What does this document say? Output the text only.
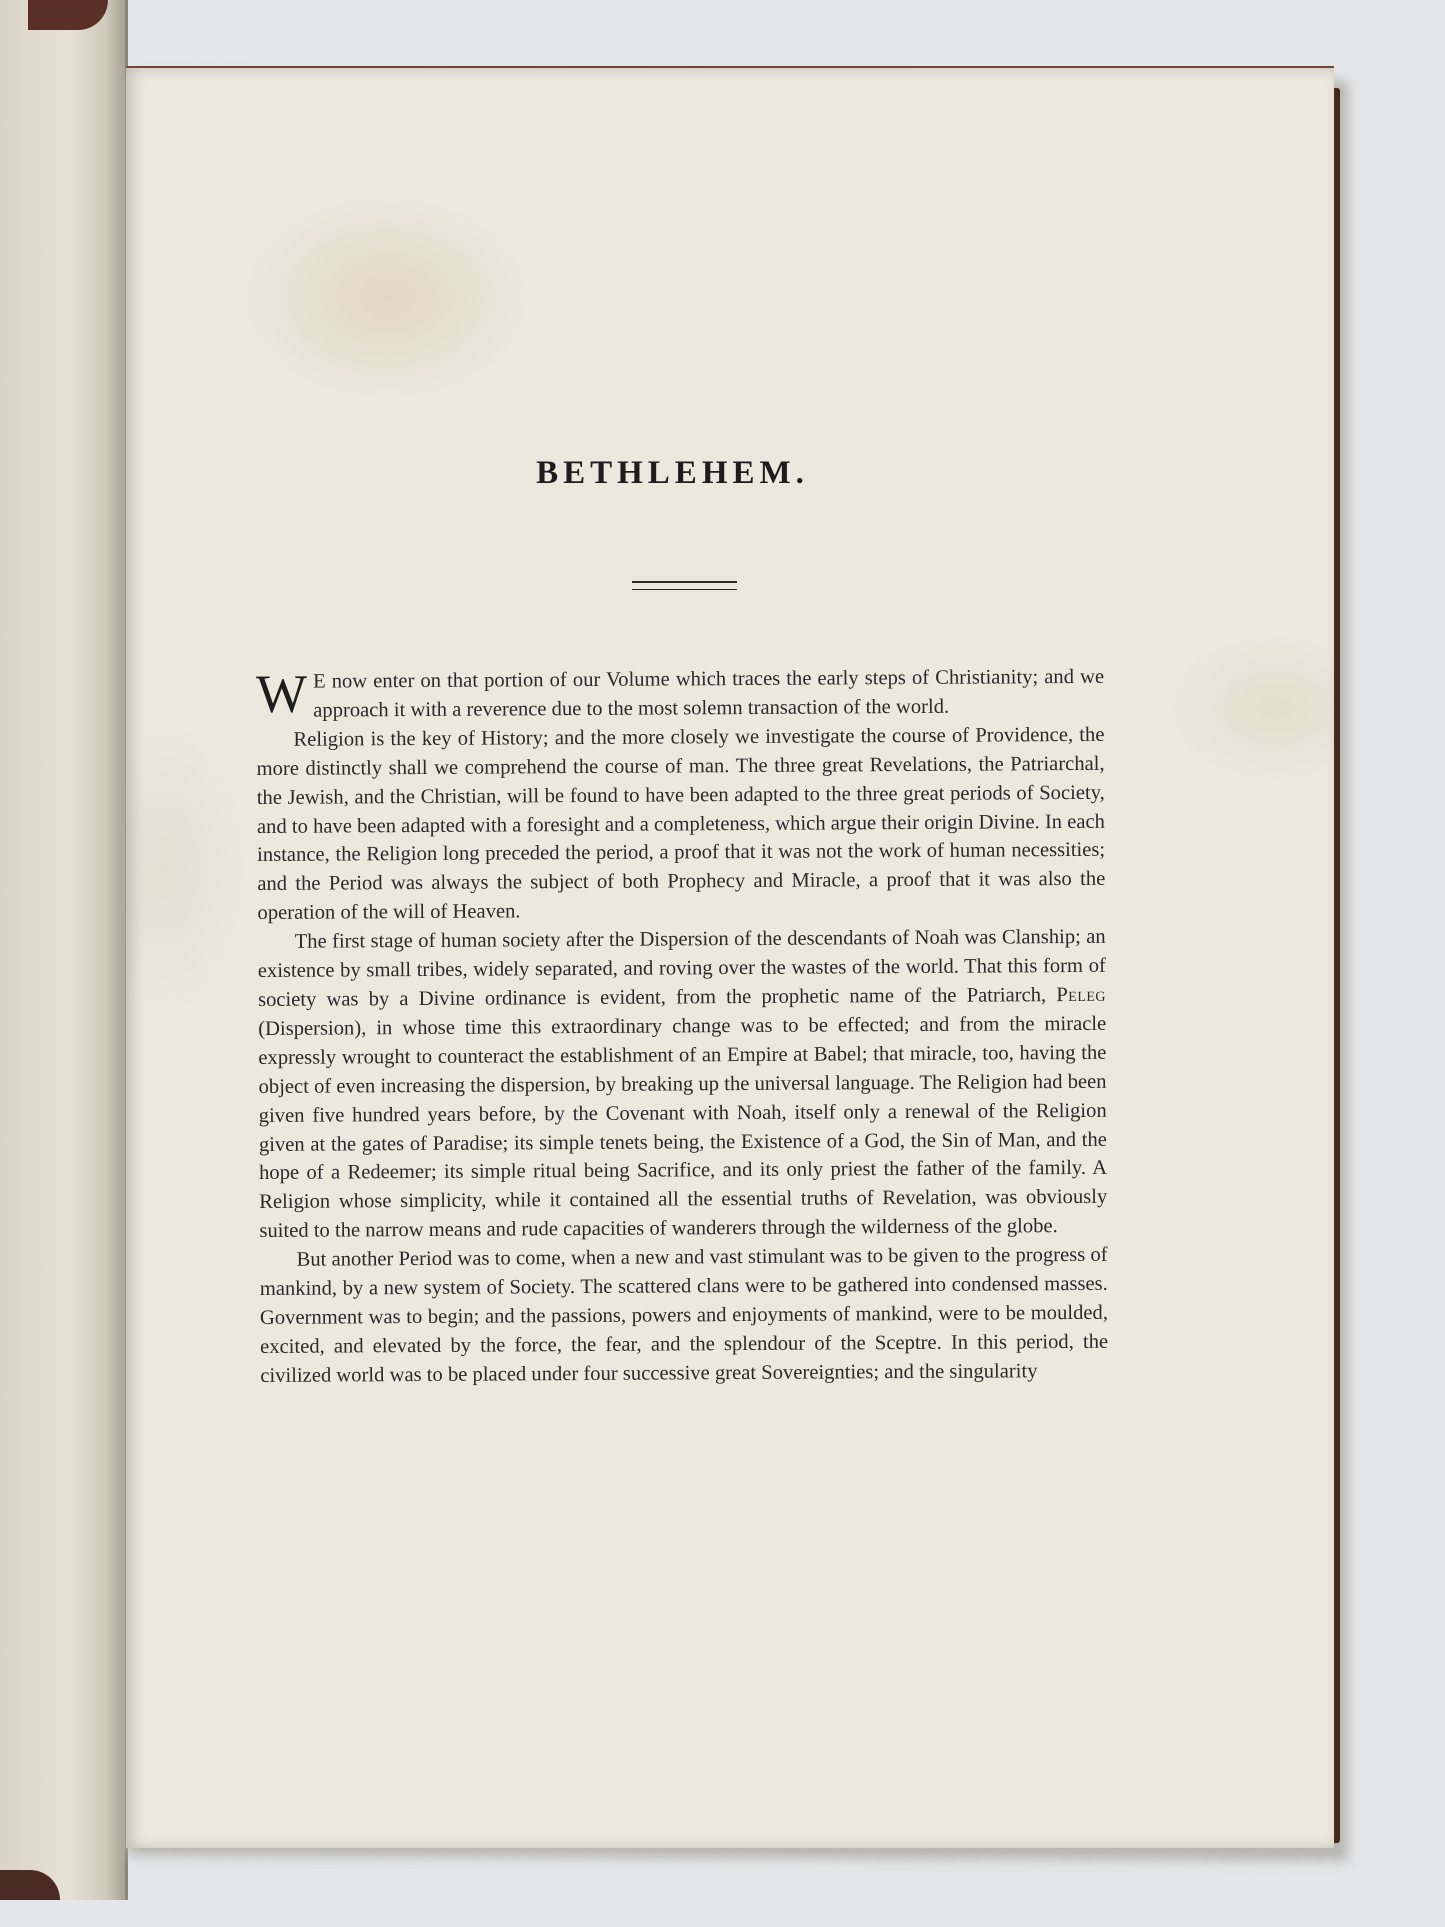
BETHLEHEM.

W E now enter on that portion of our Volume which traces the early steps of Christianity; and we approach it with a reverence due to the most solemn transaction of the world.

Religion is the key of History; and the more closely we investigate the course of Providence, the more distinctly shall we comprehend the course of man. The three great Revelations, the Patriarchal, the Jewish, and the Christian, will be found to have been adapted to the three great periods of Society, and to have been adapted with a foresight and a completeness, which argue their origin Divine. In each instance, the Religion long preceded the period, a proof that it was not the work of human necessities; and the Period was always the subject of both Prophecy and Miracle, a proof that it was also the operation of the will of Heaven.

The first stage of human society after the Dispersion of the descendants of Noah was Clanship; an existence by small tribes, widely separated, and roving over the wastes of the world. That this form of society was by a Divine ordinance is evident, from the prophetic name of the Patriarch, Peleg (Dispersion), in whose time this extraordinary change was to be effected; and from the miracle expressly wrought to counteract the establishment of an Empire at Babel; that miracle, too, having the object of even increasing the dispersion, by breaking up the universal language. The Religion had been given five hundred years before, by the Covenant with Noah, itself only a renewal of the Religion given at the gates of Paradise; its simple tenets being, the Existence of a God, the Sin of Man, and the hope of a Redeemer; its simple ritual being Sacrifice, and its only priest the father of the family. A Religion whose simplicity, while it contained all the essential truths of Revelation, was obviously suited to the narrow means and rude capacities of wanderers through the wilderness of the globe.

But another Period was to come, when a new and vast stimulant was to be given to the progress of mankind, by a new system of Society. The scattered clans were to be gathered into condensed masses. Government was to begin; and the passions, powers and enjoyments of mankind, were to be moulded, excited, and elevated by the force, the fear, and the splendour of the Sceptre. In this period, the civilized world was to be placed under four successive great Sovereignties; and the singularity
